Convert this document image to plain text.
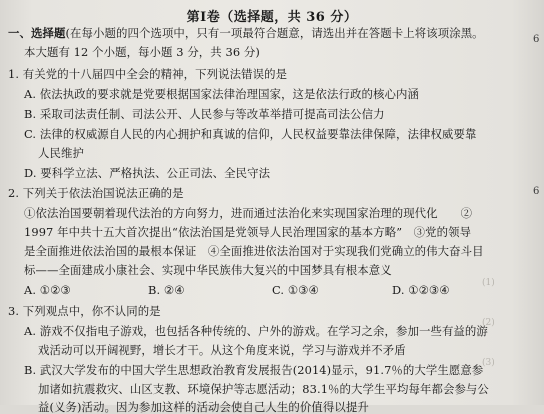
第Ⅰ卷（选择题，共 36 分）
一、选择题(在每小题的四个选项中，只有一项最符合题意，请选出并在答题卡上将该项涂黑。
本大题有 12 个小题，每小题 3 分，共 36 分)
1. 有关党的十八届四中全会的精神，下列说法错误的是
A. 依法执政的要求就是党要根据国家法律治理国家，这是依法行政的核心内涵
B. 采取司法责任制、司法公开、人民参与等改革举措可提高司法公信力
C. 法律的权威源自人民的内心拥护和真诚的信仰，人民权益要靠法律保障，法律权威要靠
人民维护
D. 要科学立法、严格执法、公正司法、全民守法
2. 下列关于依法治国说法正确的是
①依法治国要朝着现代法治的方向努力，进而通过法治化来实现国家治理的现代化　　②
1997 年中共十五大首次提出“依法治国是党领导人民治理国家的基本方略”　③党的领导
是全面推进依法治国的最根本保证　④全面推进依法治国对于实现我们党确立的伟大奋斗目
标——全面建成小康社会、实现中华民族伟大复兴的中国梦具有根本意义
A. ①②③	B. ②④	C. ①③④	D. ①②③④
3. 下列观点中，你不认同的是
A. 游戏不仅指电子游戏，也包括各种传统的、户外的游戏。在学习之余，参加一些有益的游
戏活动可以开阔视野，增长才干。从这个角度来说，学习与游戏并不矛盾
B. 武汉大学发布的中国大学生思想政治教育发展报告(2014)显示，91.7％的大学生愿意参
加诸如抗震救灾、山区支教、环境保护等志愿活动；83.1％的大学生平均每年都会参与公
益(义务)活动。因为参加这样的活动会使自己人生的价值得以提升
6
6
(1)
(2)
(3)
